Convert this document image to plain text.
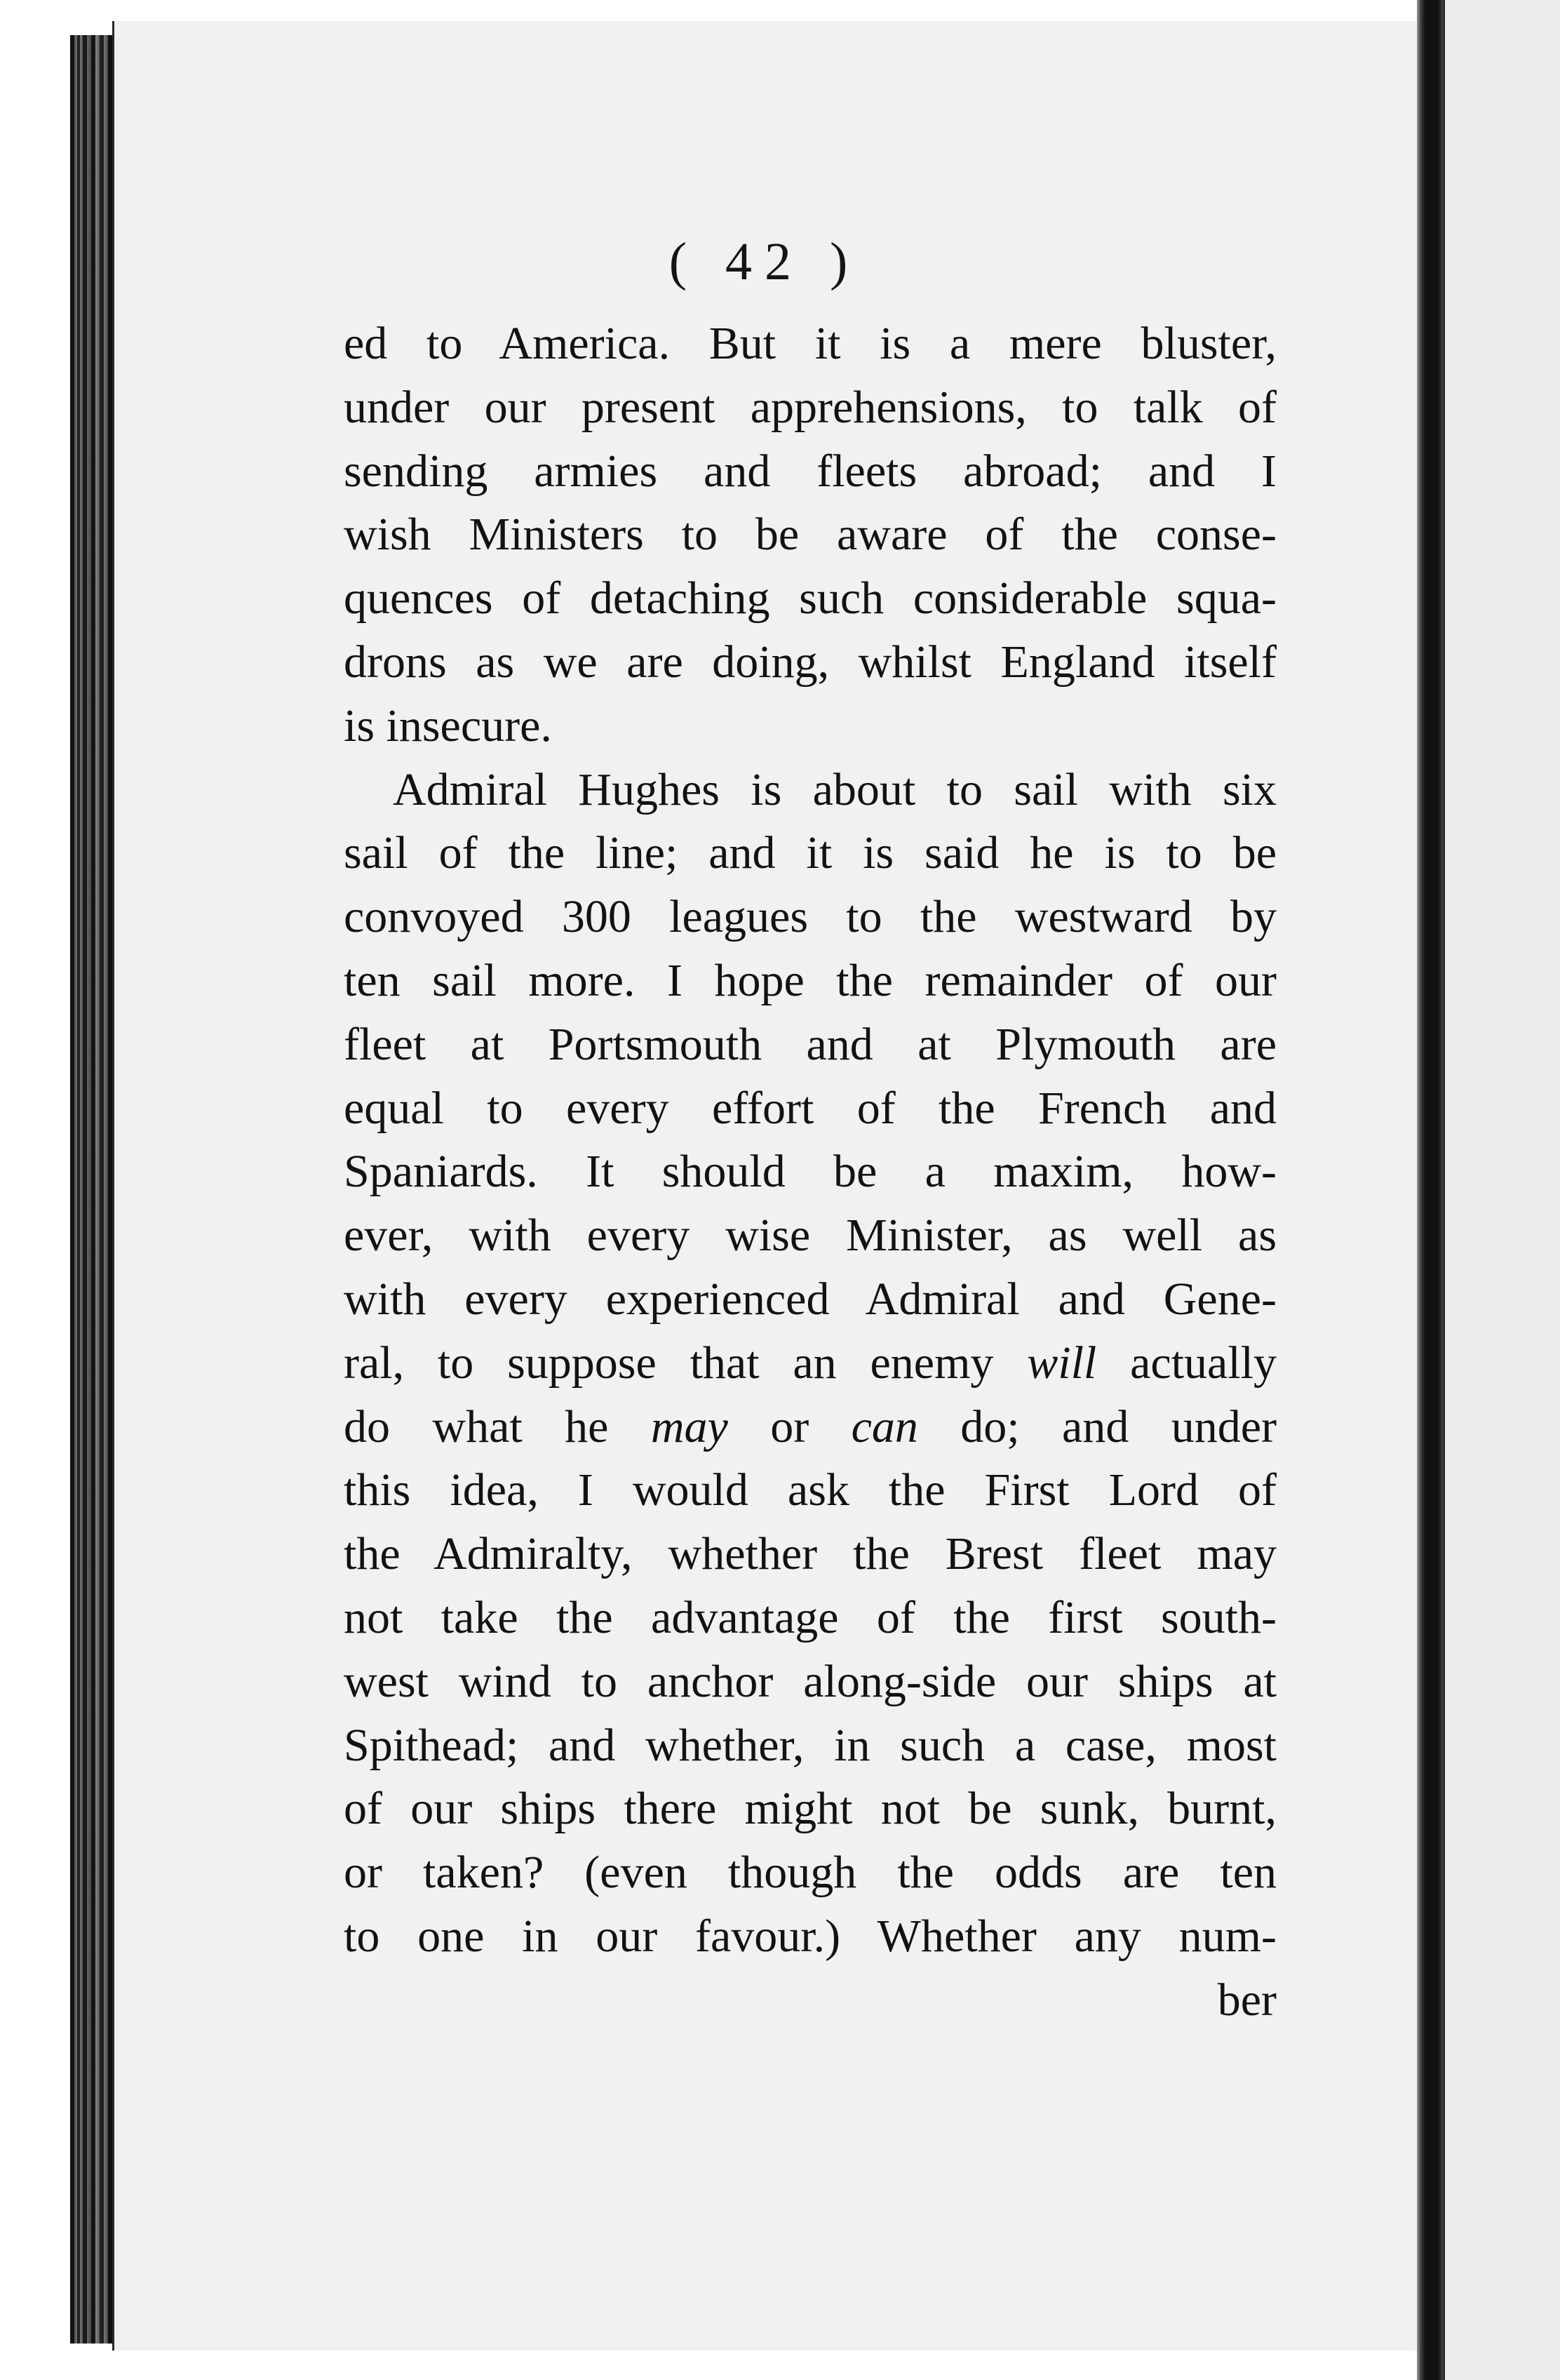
( 42 )
ed to America. But it is a mere bluster,
under our present apprehensions, to talk of
sending armies and fleets abroad; and I
wish Ministers to be aware of the conse-
quences of detaching such considerable squa-
drons as we are doing, whilst England itself
is insecure.
Admiral Hughes is about to sail with six
sail of the line; and it is said he is to be
convoyed 300 leagues to the westward by
ten sail more. I hope the remainder of our
fleet at Portsmouth and at Plymouth are
equal to every effort of the French and
Spaniards. It should be a maxim, how-
ever, with every wise Minister, as well as
with every experienced Admiral and Gene-
ral, to suppose that an enemy will actually
do what he may or can do; and under
this idea, I would ask the First Lord of
the Admiralty, whether the Brest fleet may
not take the advantage of the first south-
west wind to anchor along-side our ships at
Spithead; and whether, in such a case, most
of our ships there might not be sunk, burnt,
or taken? (even though the odds are ten
to one in our favour.) Whether any num-
ber
